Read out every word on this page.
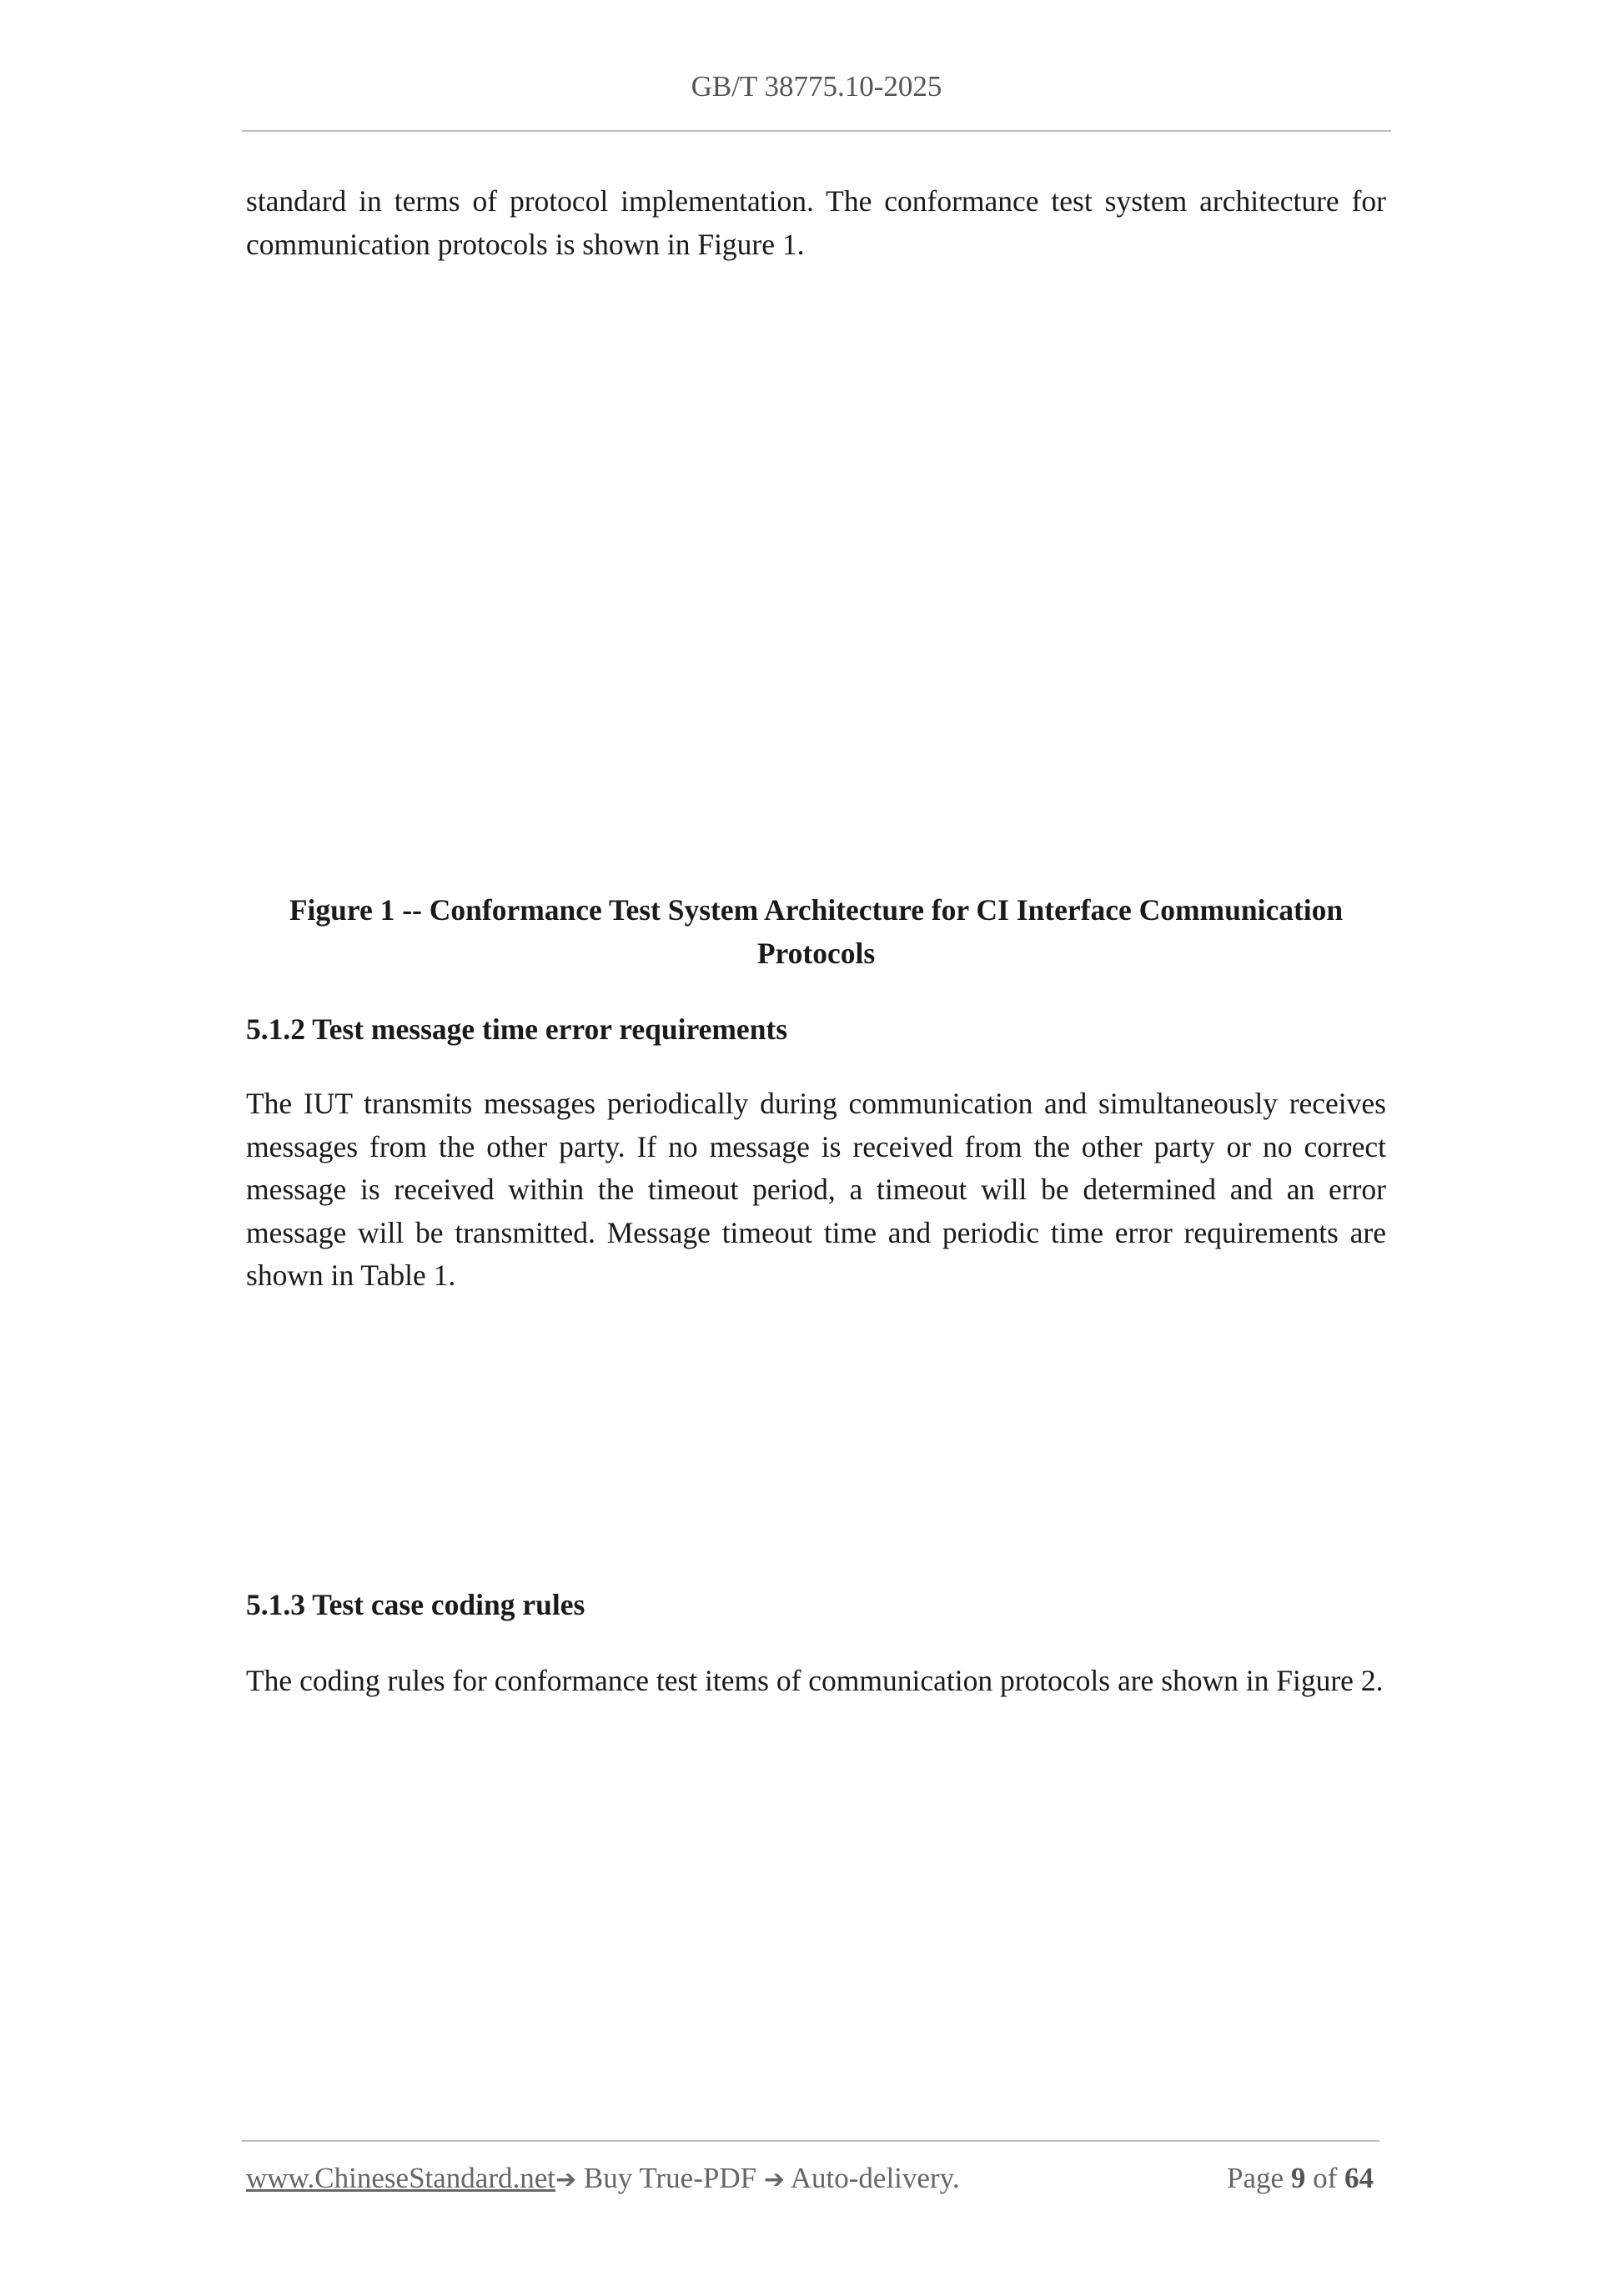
GB/T 38775.10-2025

standard in terms of protocol implementation. The conformance test system architecture for communication protocols is shown in Figure 1.

Figure 1 -- Conformance Test System Architecture for CI Interface Communication
Protocols
5.1.2 Test message time error requirements

The IUT transmits messages periodically during communication and simultaneously receives messages from the other party. If no message is received from the other party or no correct message is received within the timeout period, a timeout will be determined and an error message will be transmitted. Message timeout time and periodic time error requirements are shown in Table 1.

5.1.3 Test case coding rules

The coding rules for conformance test items of communication protocols are shown in Figure 2.

www.ChineseStandard.net➔ Buy True-PDF ➔ Auto-delivery.	Page 9 of 64
